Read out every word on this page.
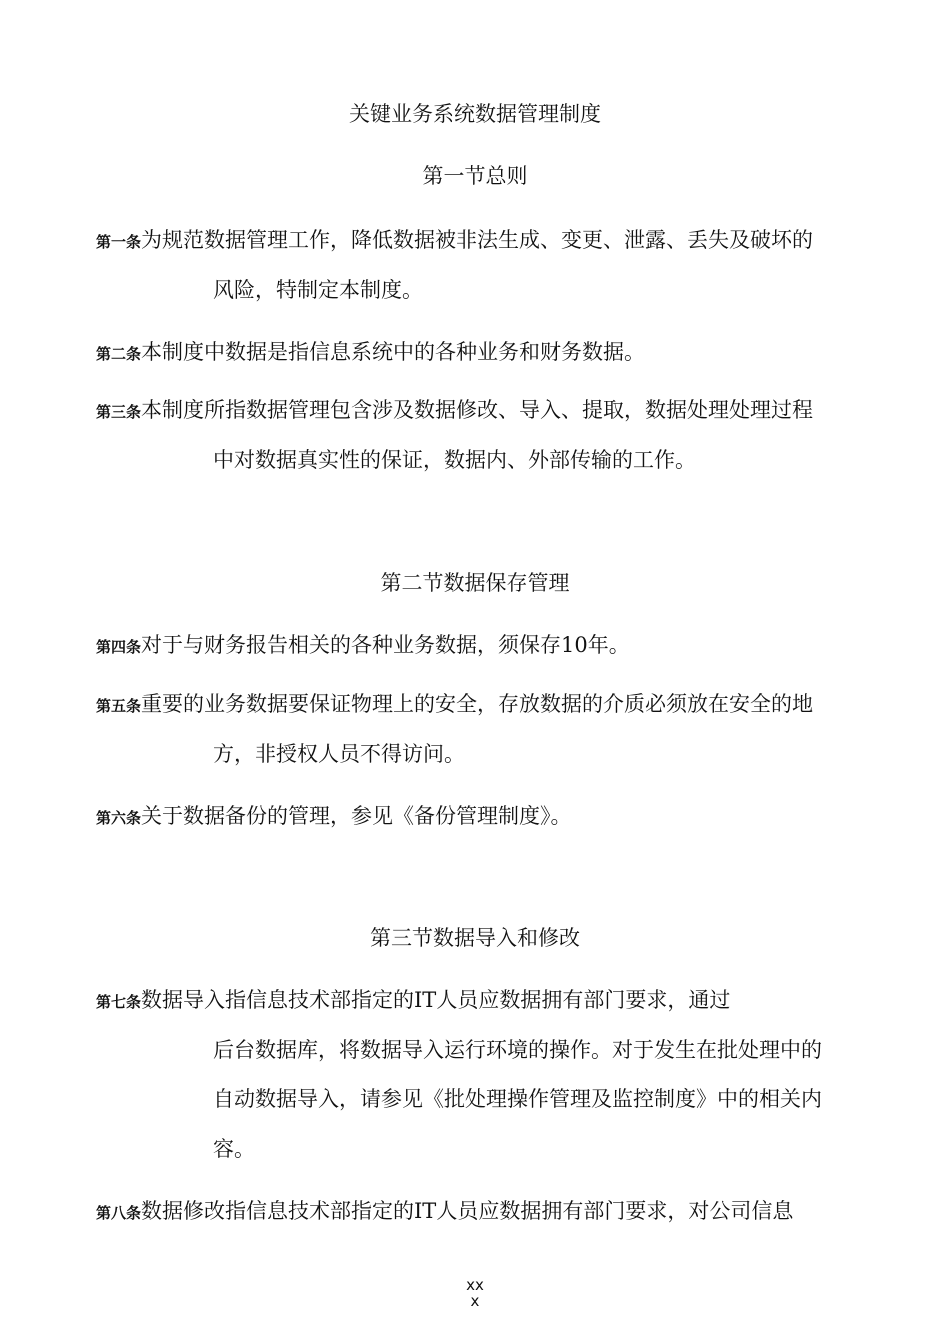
关键业务系统数据管理制度
第一节总则
第一条为规范数据管理工作，降低数据被非法生成、变更、泄露、丢失及破坏的
风险，特制定本制度。
第二条本制度中数据是指信息系统中的各种业务和财务数据。
第三条本制度所指数据管理包含涉及数据修改、导入、提取，数据处理处理过程
中对数据真实性的保证，数据内、外部传输的工作。
第二节数据保存管理
第四条对于与财务报告相关的各种业务数据，须保存10年。
第五条重要的业务数据要保证物理上的安全，存放数据的介质必须放在安全的地
方，非授权人员不得访问。
第六条关于数据备份的管理，参见《备份管理制度》。
第三节数据导入和修改
第七条数据导入指信息技术部指定的IT人员应数据拥有部门要求，通过
后台数据库，将数据导入运行环境的操作。对于发生在批处理中的
自动数据导入，请参见《批处理操作管理及监控制度》中的相关内
容。
第八条数据修改指信息技术部指定的IT人员应数据拥有部门要求，对公司信息
xx
x
